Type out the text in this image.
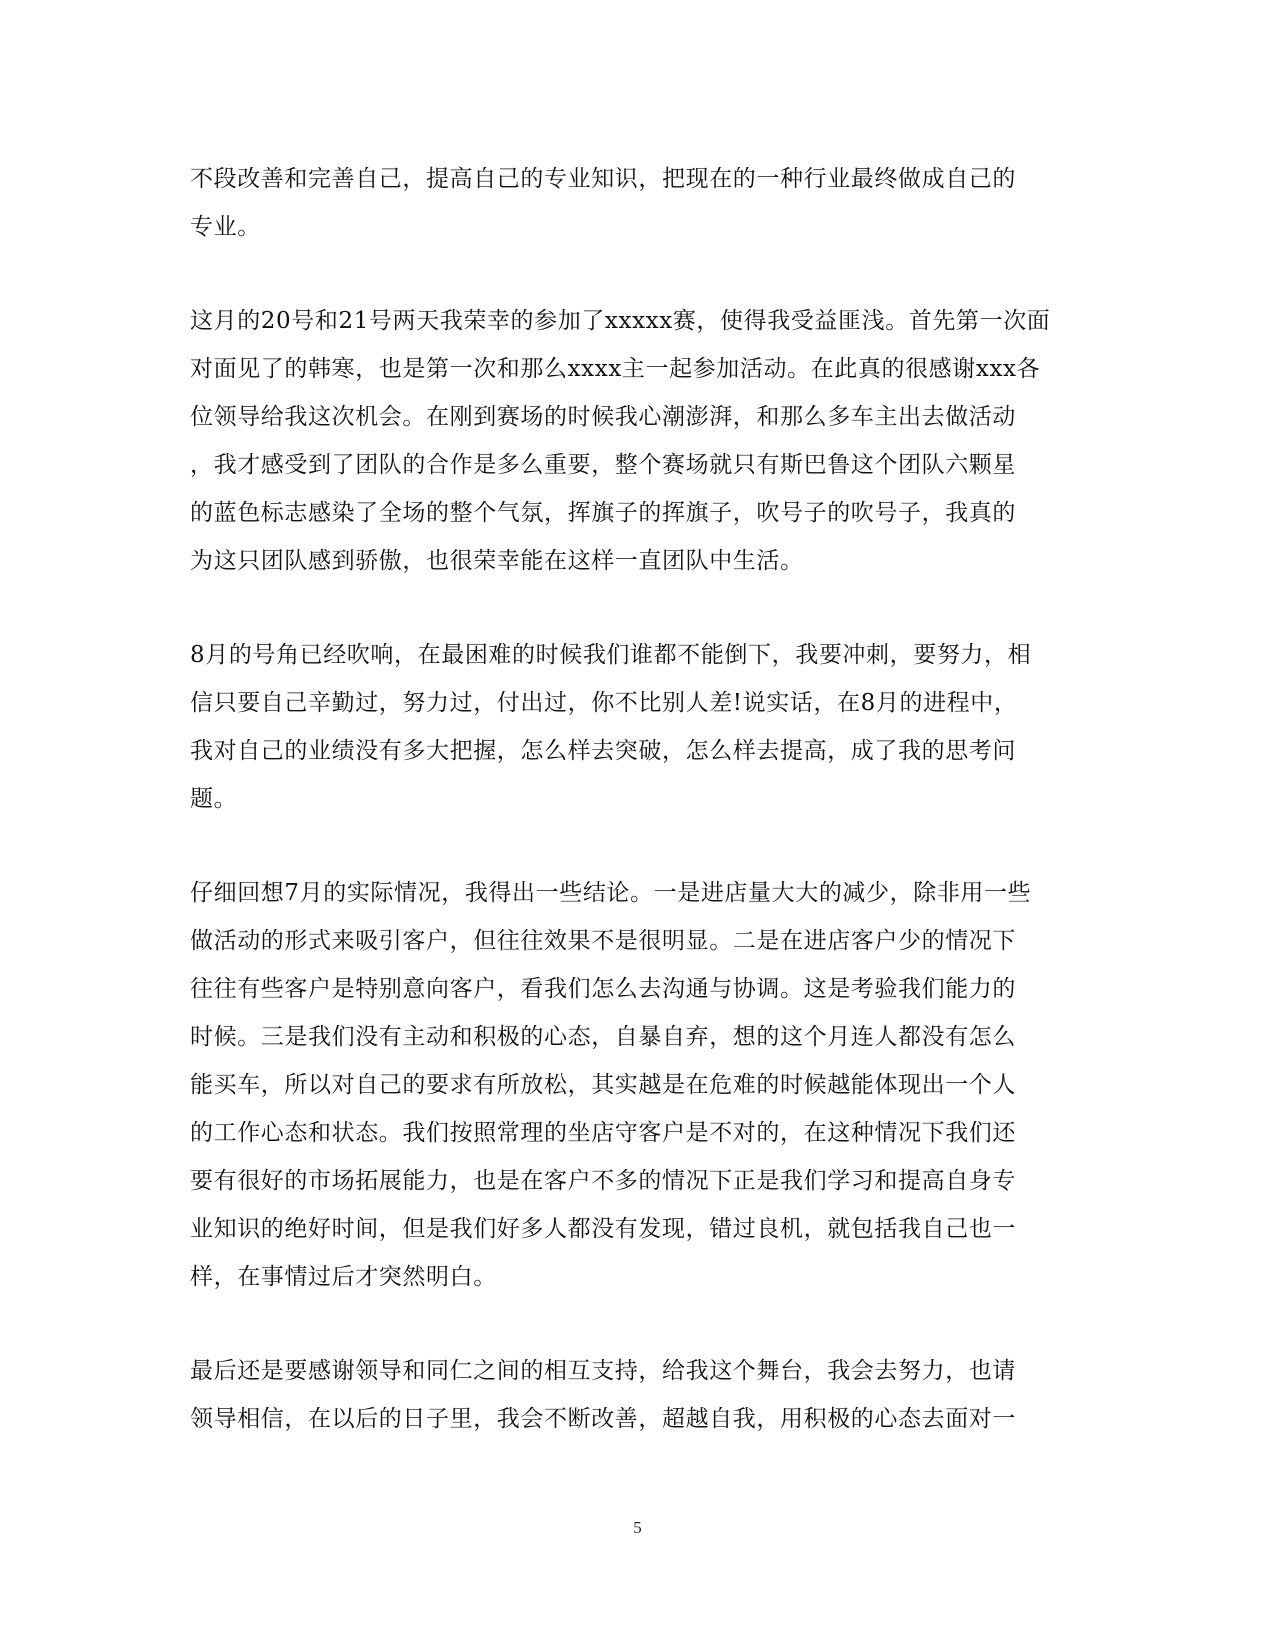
不段改善和完善自己，提高自己的专业知识，把现在的一种行业最终做成自己的
专业。
这月的20号和21号两天我荣幸的参加了xxxxx赛，使得我受益匪浅。首先第一次面
对面见了的韩寒，也是第一次和那么xxxx主一起参加活动。在此真的很感谢xxx各
位领导给我这次机会。在刚到赛场的时候我心潮澎湃，和那么多车主出去做活动
，我才感受到了团队的合作是多么重要，整个赛场就只有斯巴鲁这个团队六颗星
的蓝色标志感染了全场的整个气氛，挥旗子的挥旗子，吹号子的吹号子，我真的
为这只团队感到骄傲，也很荣幸能在这样一直团队中生活。
8月的号角已经吹响，在最困难的时候我们谁都不能倒下，我要冲刺，要努力，相
信只要自己辛勤过，努力过，付出过，你不比别人差!说实话，在8月的进程中，
我对自己的业绩没有多大把握，怎么样去突破，怎么样去提高，成了我的思考问
题。
仔细回想7月的实际情况，我得出一些结论。一是进店量大大的减少，除非用一些
做活动的形式来吸引客户，但往往效果不是很明显。二是在进店客户少的情况下
往往有些客户是特别意向客户，看我们怎么去沟通与协调。这是考验我们能力的
时候。三是我们没有主动和积极的心态，自暴自弃，想的这个月连人都没有怎么
能买车，所以对自己的要求有所放松，其实越是在危难的时候越能体现出一个人
的工作心态和状态。我们按照常理的坐店守客户是不对的，在这种情况下我们还
要有很好的市场拓展能力，也是在客户不多的情况下正是我们学习和提高自身专
业知识的绝好时间，但是我们好多人都没有发现，错过良机，就包括我自己也一
样，在事情过后才突然明白。
最后还是要感谢领导和同仁之间的相互支持，给我这个舞台，我会去努力，也请
领导相信，在以后的日子里，我会不断改善，超越自我，用积极的心态去面对一
5
